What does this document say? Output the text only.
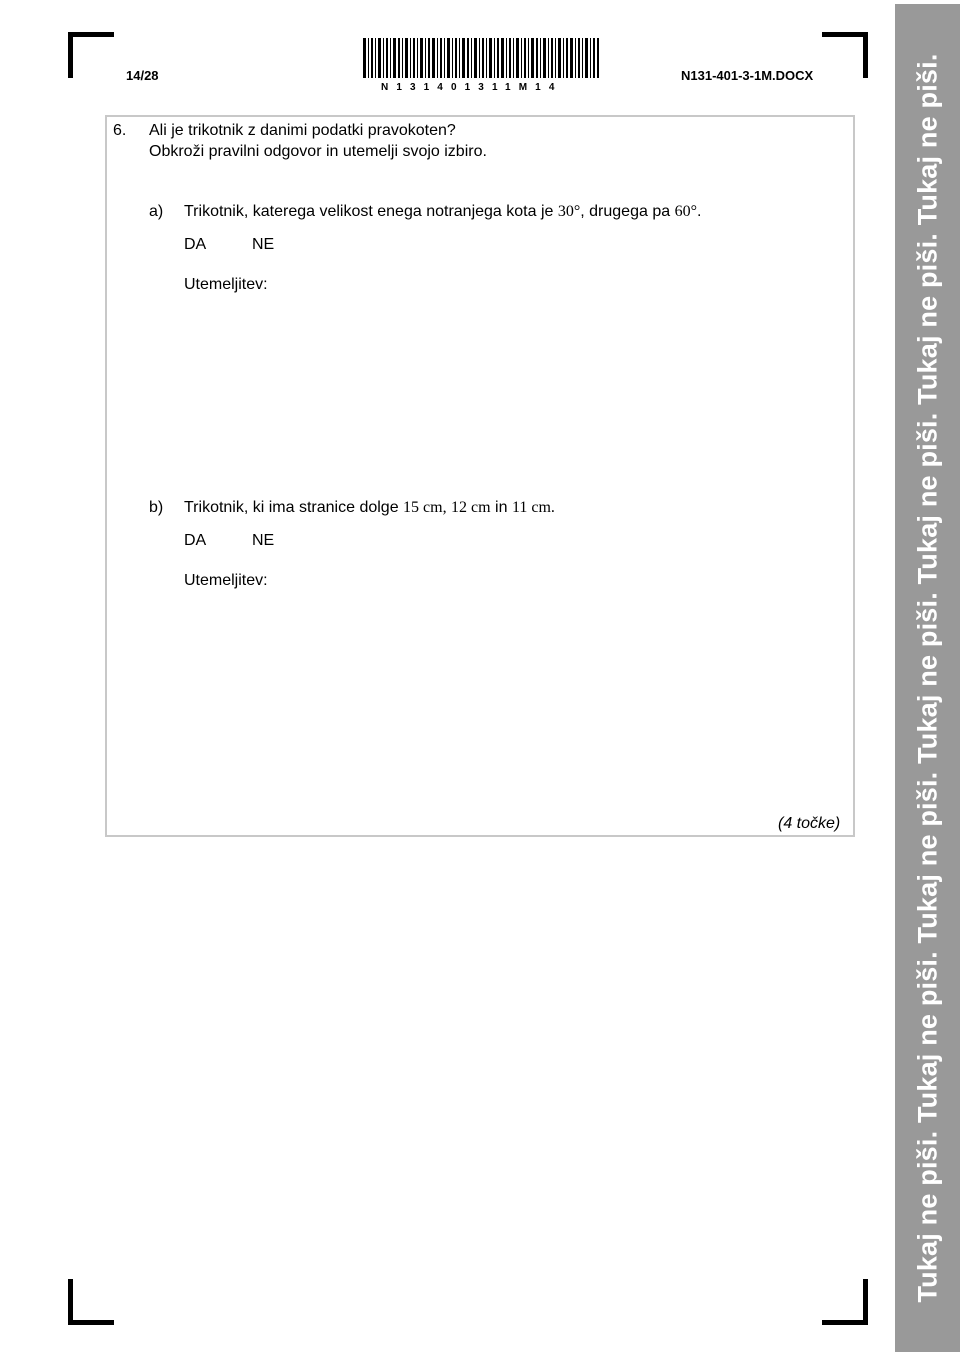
14/28
N131401311M14
N131-401-3-1M.DOCX
6. Ali je trikotnik z danimi podatki pravokoten?
Obkroži pravilni odgovor in utemelji svojo izbiro.
a) Trikotnik, katerega velikost enega notranjega kota je 30°, drugega pa 60°.
DA	NE
Utemeljitev:
b) Trikotnik, ki ima stranice dolge 15 cm, 12 cm in 11 cm.
DA	NE
Utemeljitev:
(4 točke)	Tukaj ne piši. Tukaj ne piši. Tukaj ne piši. Tukaj ne piši. Tukaj ne piši. Tukaj ne piši. Tukaj ne piši.
